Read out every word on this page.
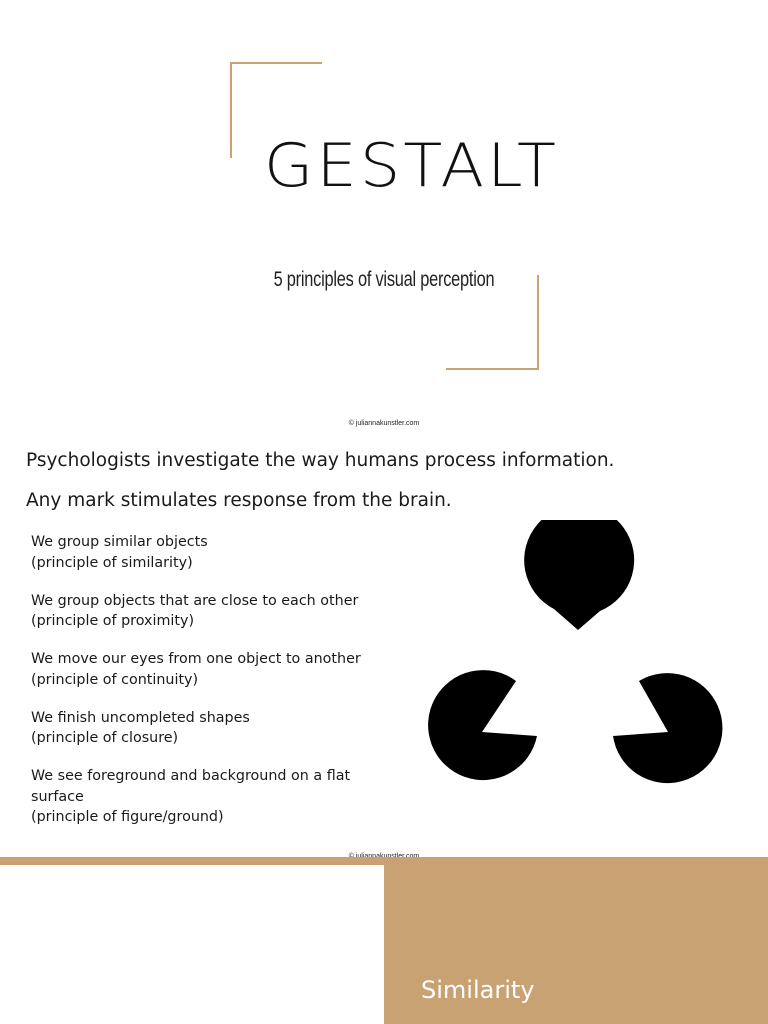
GESTALT
5 principles of visual perception
© juliannakunstler.com
Psychologists investigate the way humans process information.
Any mark stimulates response from the brain.
We group similar objects
(principle of similarity)
We group objects that are close to each other
(principle of proximity)
We move our eyes from one object to another
(principle of continuity)
We finish uncompleted shapes
(principle of closure)
We see foreground and background on a flat surface
(principle of figure/ground)
Similarity
